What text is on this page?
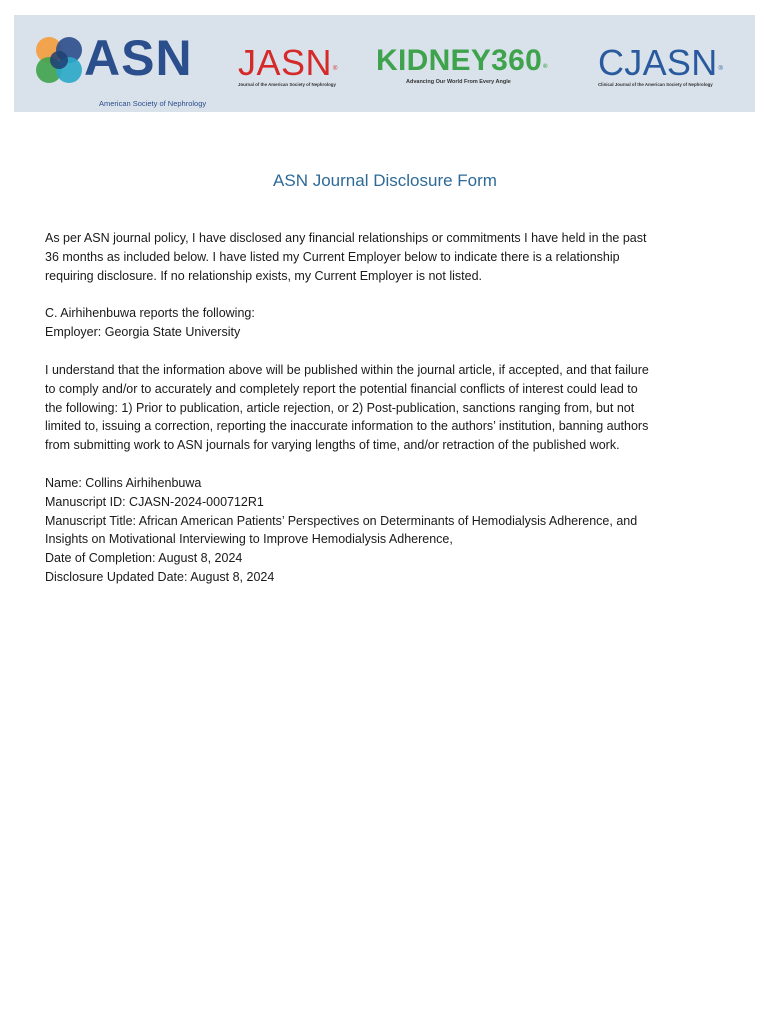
ASN
American Society of Nephrology
JASN®
Journal of the American Society of Nephrology
KIDNEY360®
Advancing Our World From Every Angle	CJASN®
Clinical Journal of the American Society of Nephrology
ASN Journal Disclosure Form

As per ASN journal policy, I have disclosed any financial relationships or commitments I have held in the past

36 months as included below. I have listed my Current Employer below to indicate there is a relationship

requiring disclosure. If no relationship exists, my Current Employer is not listed.

C. Airhihenbuwa reports the following:

Employer: Georgia State University

I understand that the information above will be published within the journal article, if accepted, and that failure

to comply and/or to accurately and completely report the potential financial conflicts of interest could lead to

the following: 1) Prior to publication, article rejection, or 2) Post-publication, sanctions ranging from, but not

limited to, issuing a correction, reporting the inaccurate information to the authors’ institution, banning authors

from submitting work to ASN journals for varying lengths of time, and/or retraction of the published work.

Name: Collins Airhihenbuwa

Manuscript ID: CJASN-2024-000712R1

Manuscript Title: African American Patients’ Perspectives on Determinants of Hemodialysis Adherence, and

Insights on Motivational Interviewing to Improve Hemodialysis Adherence,

Date of Completion: August 8, 2024

Disclosure Updated Date: August 8, 2024
